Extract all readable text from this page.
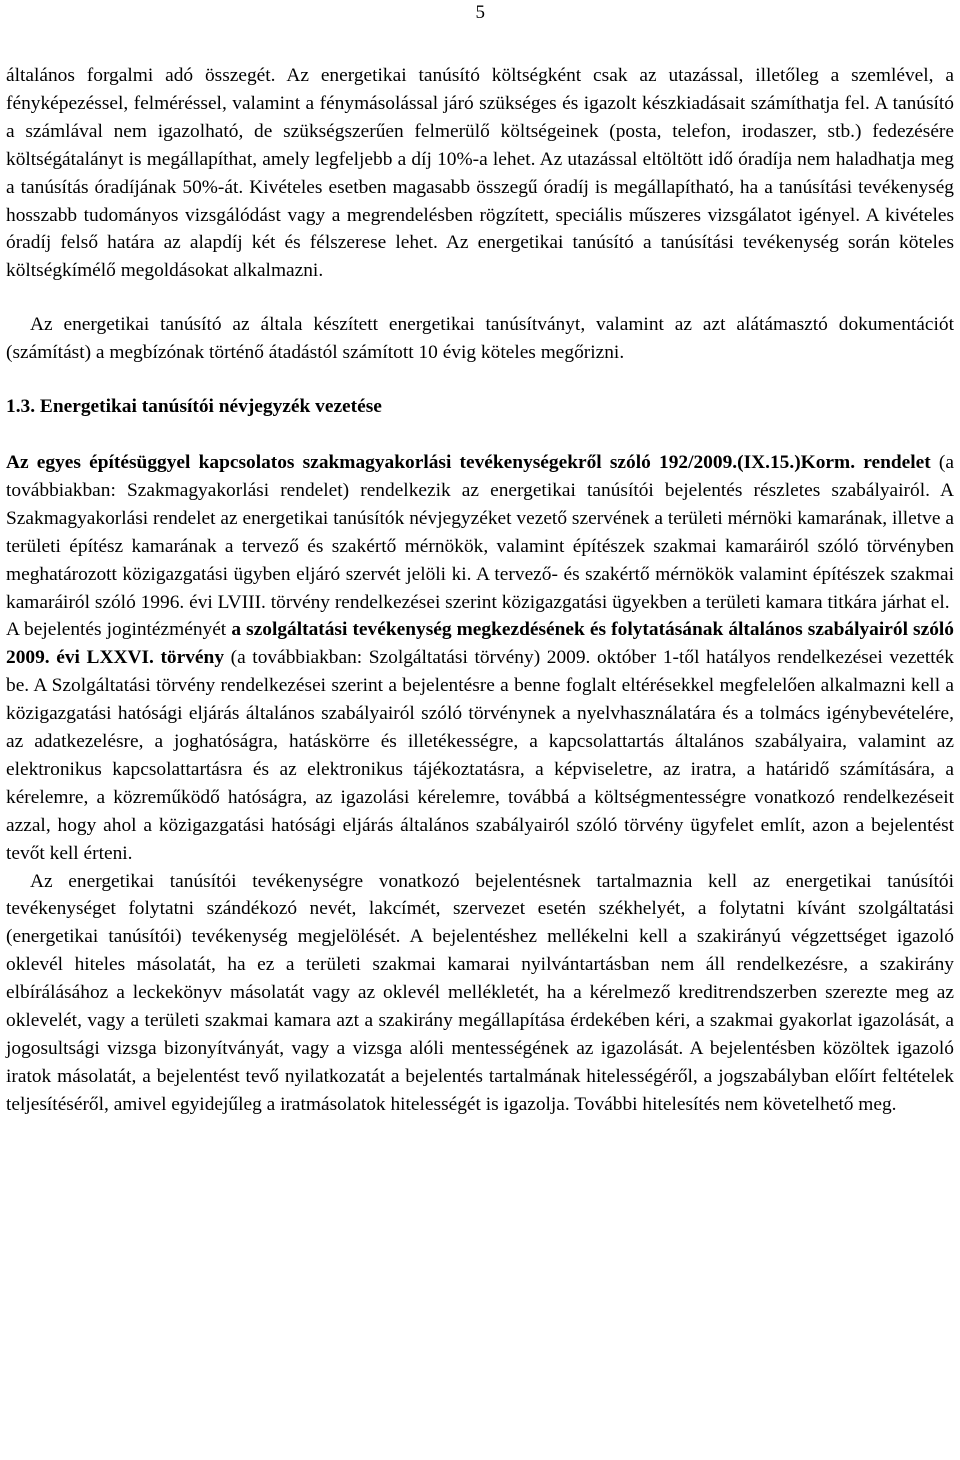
5

általános forgalmi adó összegét. Az energetikai tanúsító költségként csak az utazással, illetőleg a szemlével, a fényképezéssel, felméréssel, valamint a fénymásolással járó szükséges és igazolt készkiadásait számíthatja fel. A tanúsító a számlával nem igazolható, de szükségszerűen felmerülő költségeinek (posta, telefon, irodaszer, stb.) fedezésére költségátalányt is megállapíthat, amely legfeljebb a díj 10%-a lehet. Az utazással eltöltött idő óradíja nem haladhatja meg a tanúsítás óradíjának 50%-át. Kivételes esetben magasabb összegű óradíj is megállapítható, ha a tanúsítási tevékenység hosszabb tudományos vizsgálódást vagy a megrendelésben rögzített, speciális műszeres vizsgálatot igényel. A kivételes óradíj felső határa az alapdíj két és félszerese lehet. Az energetikai tanúsító a tanúsítási tevékenység során köteles költségkímélő megoldásokat alkalmazni.

Az energetikai tanúsító az általa készített energetikai tanúsítványt, valamint az azt alátámasztó dokumentációt (számítást) a megbízónak történő átadástól számított 10 évig köteles megőrizni.

1.3. Energetikai tanúsítói névjegyzék vezetése

Az egyes építésüggyel kapcsolatos szakmagyakorlási tevékenységekről szóló 192/2009.(IX.15.)Korm. rendelet (a továbbiakban: Szakmagyakorlási rendelet) rendelkezik az energetikai tanúsítói bejelentés részletes szabályairól. A Szakmagyakorlási rendelet az energetikai tanúsítók névjegyzéket vezető szervének a területi mérnöki kamarának, illetve a területi építész kamarának a tervező és szakértő mérnökök, valamint építészek szakmai kamaráiról szóló törvényben meghatározott közigazgatási ügyben eljáró szervét jelöli ki. A tervező- és szakértő mérnökök valamint építészek szakmai kamaráiról szóló 1996. évi LVIII. törvény rendelkezései szerint közigazgatási ügyekben a területi kamara titkára járhat el.

A bejelentés jogintézményét a szolgáltatási tevékenység megkezdésének és folytatásának általános szabályairól szóló 2009. évi LXXVI. törvény (a továbbiakban: Szolgáltatási törvény) 2009. október 1-től hatályos rendelkezései vezették be. A Szolgáltatási törvény rendelkezései szerint a bejelentésre a benne foglalt eltérésekkel megfelelően alkalmazni kell a közigazgatási hatósági eljárás általános szabályairól szóló törvénynek a nyelvhasználatára és a tolmács igénybevételére, az adatkezelésre, a joghatóságra, hatáskörre és illetékességre, a kapcsolattartás általános szabályaira, valamint az elektronikus kapcsolattartásra és az elektronikus tájékoztatásra, a képviseletre, az iratra, a határidő számítására, a kérelemre, a közreműködő hatóságra, az igazolási kérelemre, továbbá a költségmentességre vonatkozó rendelkezéseit azzal, hogy ahol a közigazgatási hatósági eljárás általános szabályairól szóló törvény ügyfelet említ, azon a bejelentést tevőt kell érteni.

Az energetikai tanúsítói tevékenységre vonatkozó bejelentésnek tartalmaznia kell az energetikai tanúsítói tevékenységet folytatni szándékozó nevét, lakcímét, szervezet esetén székhelyét, a folytatni kívánt szolgáltatási (energetikai tanúsítói) tevékenység megjelölését. A bejelentéshez mellékelni kell a szakirányú végzettséget igazoló oklevél hiteles másolatát, ha ez a területi szakmai kamarai nyilvántartásban nem áll rendelkezésre, a szakirány elbírálásához a leckekönyv másolatát vagy az oklevél mellékletét, ha a kérelmező kreditrendszerben szerezte meg az oklevelét, vagy a területi szakmai kamara azt a szakirány megállapítása érdekében kéri, a szakmai gyakorlat igazolását, a jogosultsági vizsga bizonyítványát, vagy a vizsga alóli mentességének az igazolását. A bejelentésben közöltek igazoló iratok másolatát, a bejelentést tevő nyilatkozatát a bejelentés tartalmának hitelességéről, a jogszabályban előírt feltételek teljesítéséről, amivel egyidejűleg a iratmásolatok hitelességét is igazolja. További hitelesítés nem követelhető meg.
